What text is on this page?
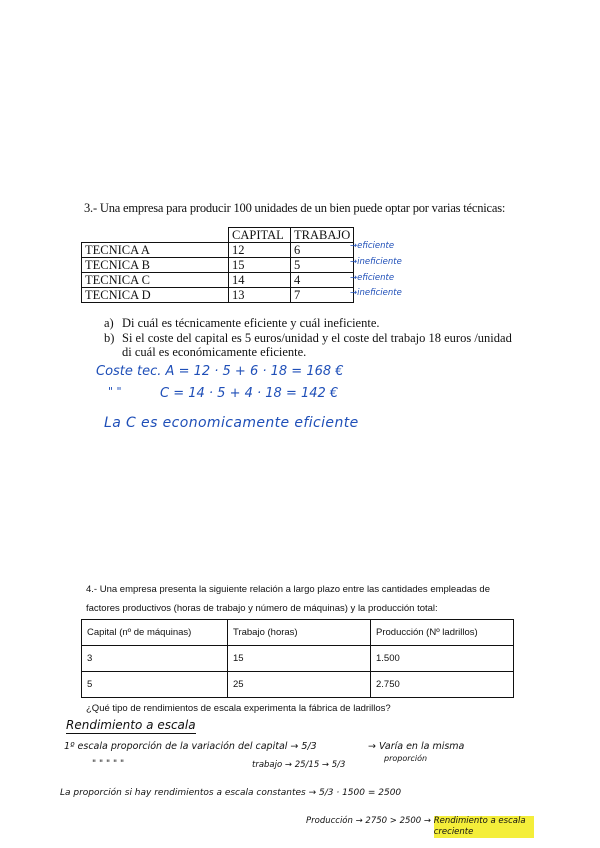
3.- Una empresa para producir 100 unidades de un bien puede optar por varias técnicas:
	CAPITAL	TRABAJO
TECNICA A	12	6
TECNICA B	15	5
TECNICA C	14	4
TECNICA D	13	7
→eficiente
→ineficiente
→eficiente
→ineficiente
a) Di cuál es técnicamente eficiente y cuál ineficiente.
b) Si el coste del capital es 5 euros/unidad y el coste del trabajo 18 euros /unidad di cuál es económicamente eficiente.
Coste tec. A = 12 · 5 + 6 · 18 = 168 €
" "	C = 14 · 5 + 4 · 18 = 142 €
La C es economicamente eficiente
4.- Una empresa presenta la siguiente relación a largo plazo entre las cantidades empleadas de factores productivos (horas de trabajo y número de máquinas) y la producción total:
Capital (nº de máquinas)	Trabajo (horas)	Producción (Nº ladrillos)
3	15	1.500
5	25	2.750
¿Qué tipo de rendimientos de escala experimenta la fábrica de ladrillos?
Rendimiento a escala
1º escala proporción de la variación del capital → 5/3	→ Varía en la misma
proporción
" " " " "	trabajo → 25/15 → 5/3
La proporción si hay rendimientos a escala constantes → 5/3 · 1500 = 2500
Producción → 2750 > 2500 → Rendimiento a escala creciente
